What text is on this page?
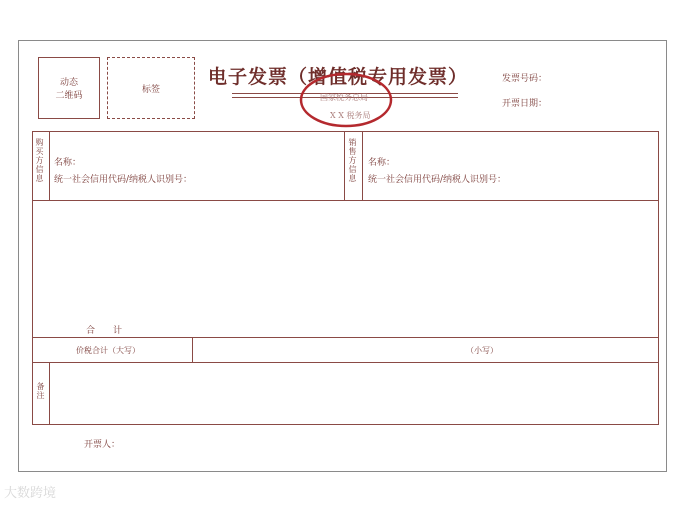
动态
二维码
标签
电子发票（增值税专用发票）
国家税务总局
X X 税务局
发票号码：
开票日期：
购买方信息 名称：
统一社会信用代码/纳税人识别号：	销售方信息 名称：
统一社会信用代码/纳税人识别号：
合　　计
价税合计（大写）	（小写）
备注
开票人：
大数跨境
